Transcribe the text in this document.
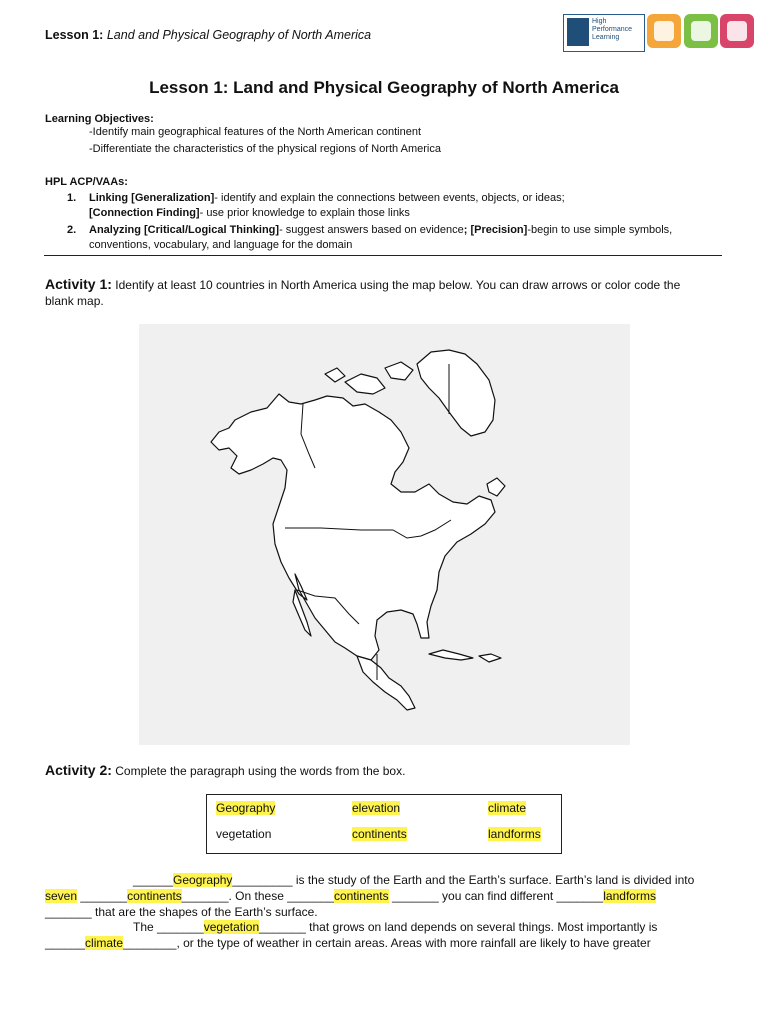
Lesson 1: Land and Physical Geography of North America
High Performance Learning
Lesson 1: Land and Physical Geography of North America
Learning Objectives:
-Identify main geographical features of the North American continent
-Differentiate the characteristics of the physical regions of North America
HPL ACP/VAAs:
1. Linking [Generalization]- identify and explain the connections between events, objects, or ideas;
[Connection Finding]- use prior knowledge to explain those links
2. Analyzing [Critical/Logical Thinking]- suggest answers based on evidence; [Precision]-begin to use simple symbols,
conventions, vocabulary, and language for the domain
Activity 1: Identify at least 10 countries in North America using the map below. You can draw arrows or color code the
blank map.
Activity 2: Complete the paragraph using the words from the box.
Geography	elevation	climate
vegetation	continents	landforms
______Geography_________ is the study of the Earth and the Earth’s surface. Earth’s land is divided into
seven _______continents_______. On these _______continents _______ you can find different _______landforms
_______ that are the shapes of the Earth’s surface.
The _______vegetation_______ that grows on land depends on several things. Most importantly is
______climate________, or the type of weather in certain areas. Areas with more rainfall are likely to have greater
